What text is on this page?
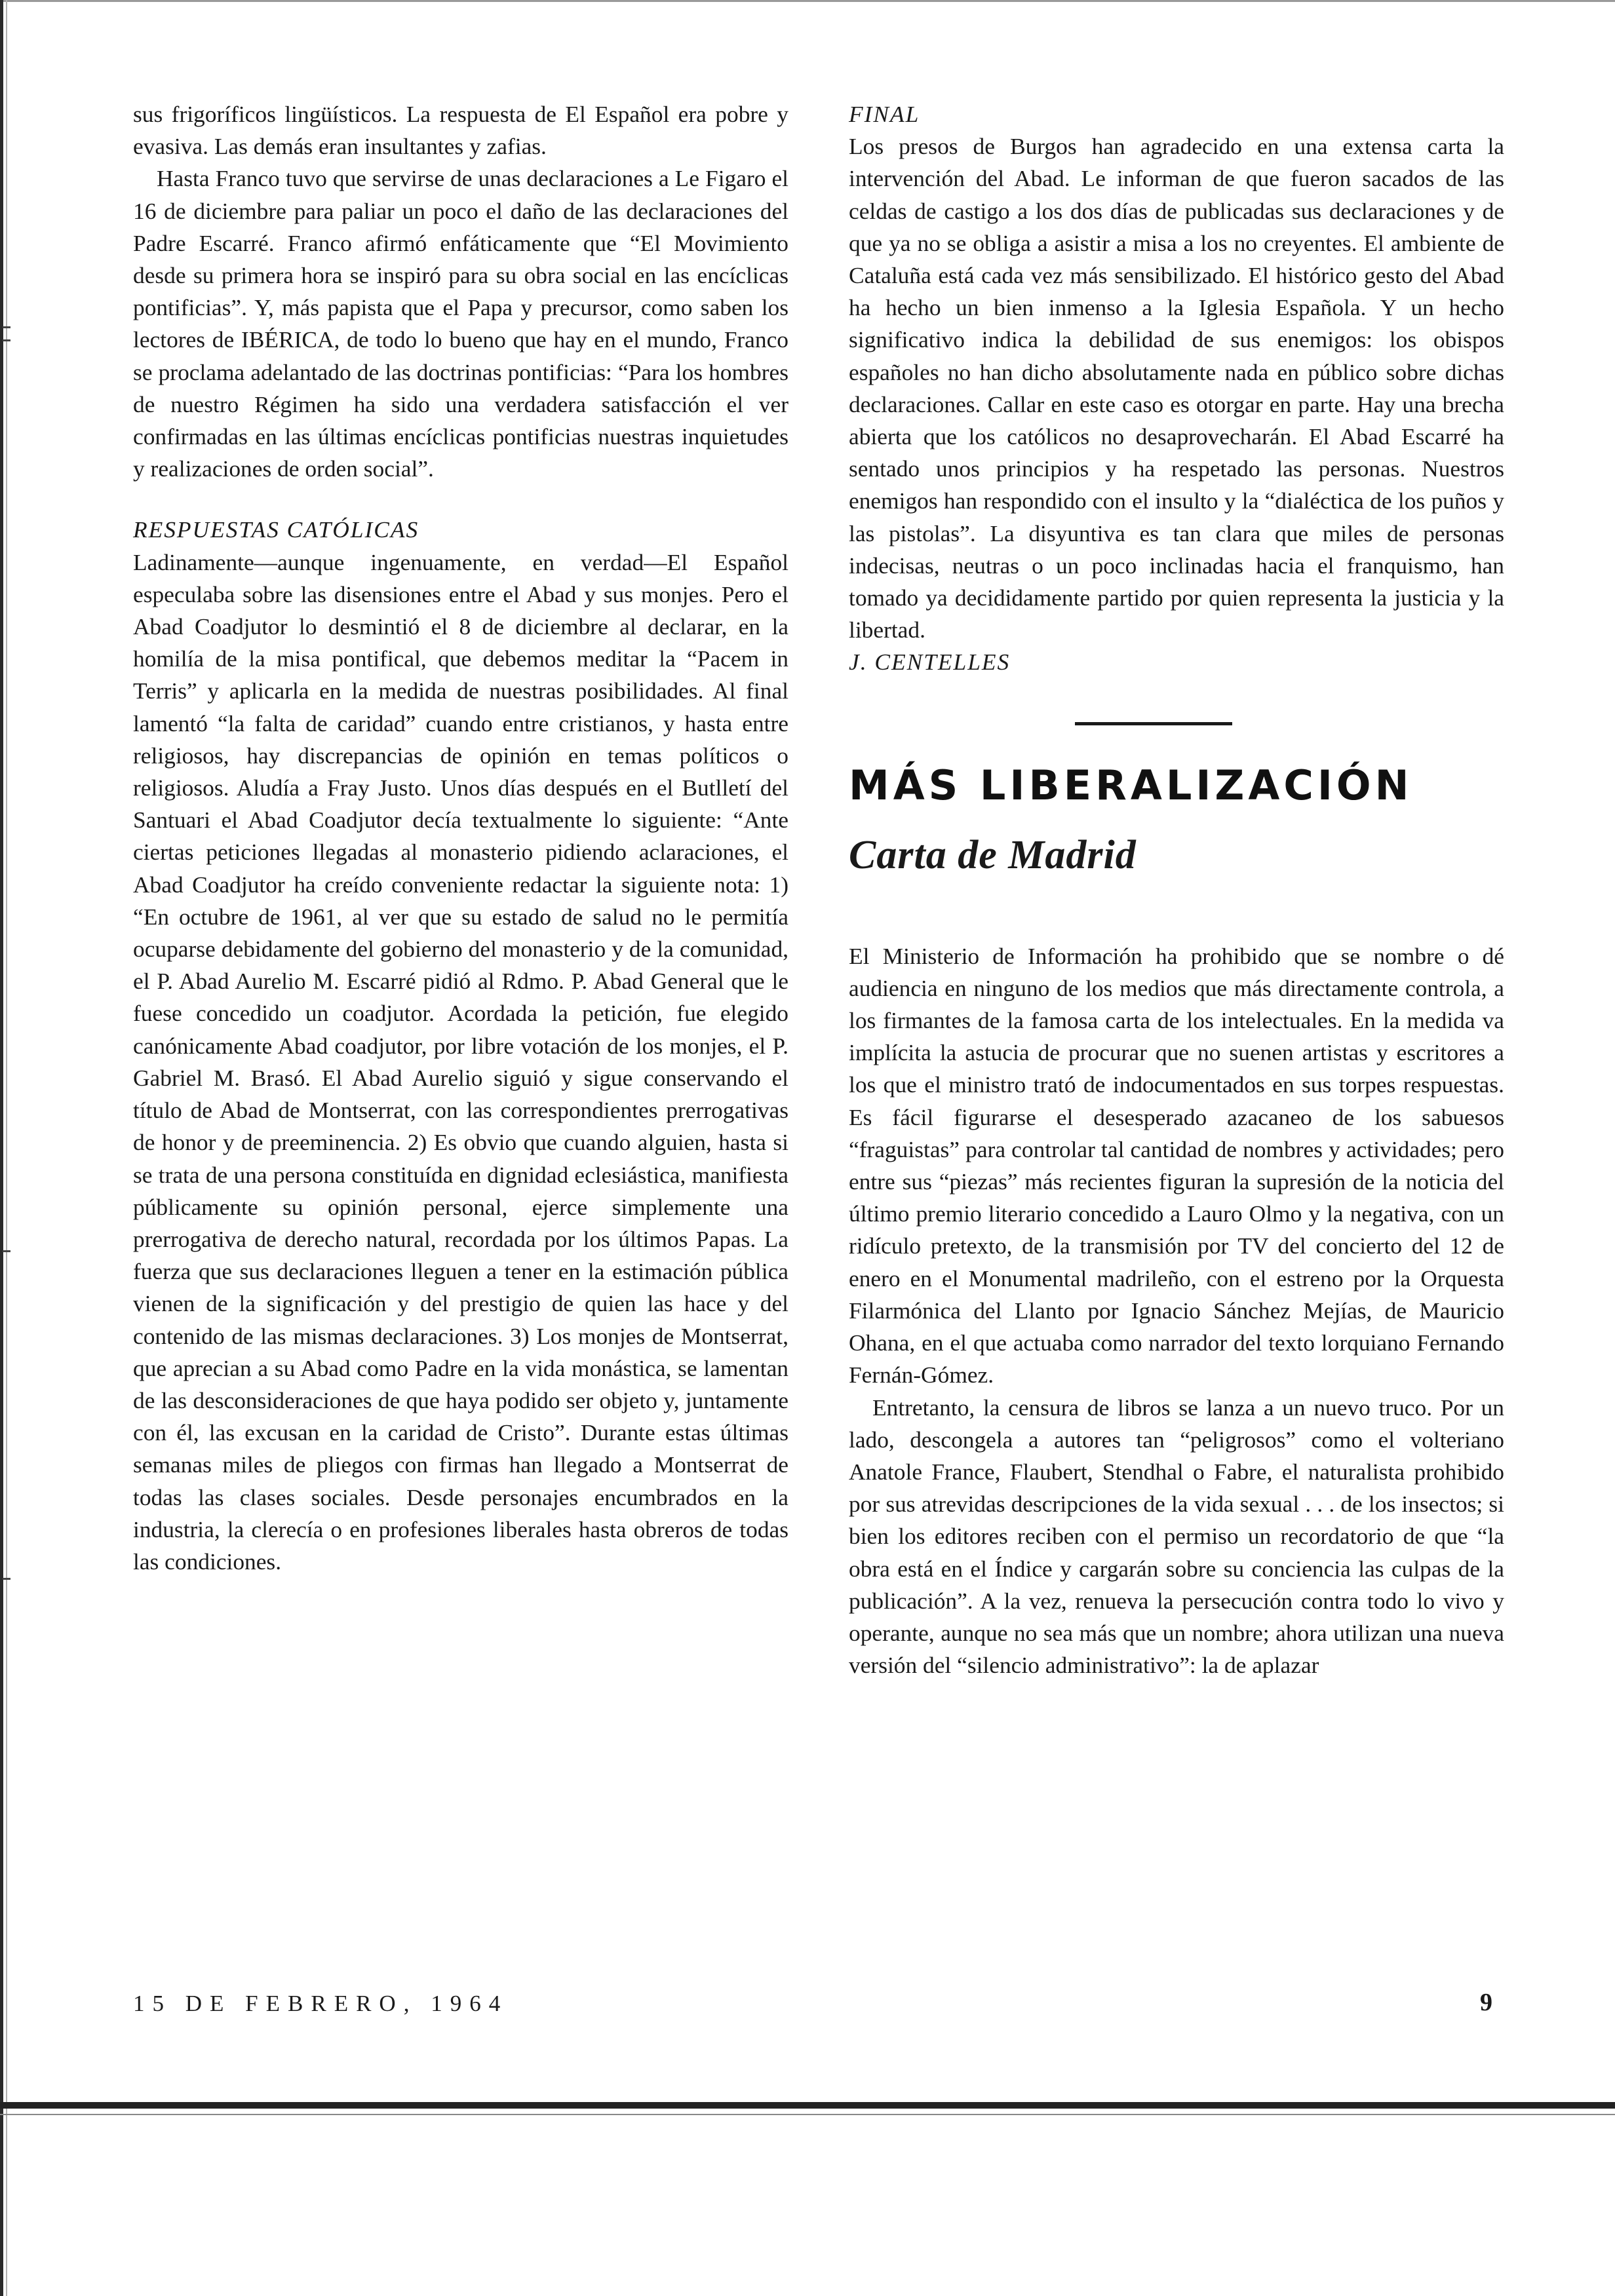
sus frigoríficos lingüísticos. La respuesta de El Español era pobre y evasiva. Las demás eran insultantes y zafias.

Hasta Franco tuvo que servirse de unas declaraciones a Le Figaro el 16 de diciembre para paliar un poco el daño de las declaraciones del Padre Escarré. Franco afirmó enfáticamente que “El Movimiento desde su primera hora se inspiró para su obra social en las encíclicas pontificias”. Y, más papista que el Papa y precursor, como saben los lectores de IBÉRICA, de todo lo bueno que hay en el mundo, Franco se proclama adelantado de las doctrinas pontificias: “Para los hombres de nuestro Régimen ha sido una verdadera satisfacción el ver confirmadas en las últimas encíclicas pontificias nuestras inquietudes y realizaciones de orden social”.

RESPUESTAS CATÓLICAS

Ladinamente—aunque ingenuamente, en verdad—El Español especulaba sobre las disensiones entre el Abad y sus monjes. Pero el Abad Coadjutor lo desmintió el 8 de diciembre al declarar, en la homilía de la misa pontifical, que debemos meditar la “Pacem in Terris” y aplicarla en la medida de nuestras posibilidades. Al final lamentó “la falta de caridad” cuando entre cristianos, y hasta entre religiosos, hay discrepancias de opinión en temas políticos o religiosos. Aludía a Fray Justo. Unos días después en el Butlletí del Santuari el Abad Coadjutor decía textualmente lo siguiente: “Ante ciertas peticiones llegadas al monasterio pidiendo aclaraciones, el Abad Coadjutor ha creído conveniente redactar la siguiente nota: 1) “En octubre de 1961, al ver que su estado de salud no le permitía ocuparse debidamente del gobierno del monasterio y de la comunidad, el P. Abad Aurelio M. Escarré pidió al Rdmo. P. Abad General que le fuese concedido un coadjutor. Acordada la petición, fue elegido canónicamente Abad coadjutor, por libre votación de los monjes, el P. Gabriel M. Brasó. El Abad Aurelio siguió y sigue conservando el título de Abad de Montserrat, con las correspondientes prerrogativas de honor y de preeminencia. 2) Es obvio que cuando alguien, hasta si se trata de una persona constituída en dignidad eclesiástica, manifiesta públicamente su opinión personal, ejerce simplemente una prerrogativa de derecho natural, recordada por los últimos Papas. La fuerza que sus declaraciones lleguen a tener en la estimación pública vienen de la significación y del prestigio de quien las hace y del contenido de las mismas declaraciones. 3) Los monjes de Montserrat, que aprecian a su Abad como Padre en la vida monástica, se lamentan de las desconsideraciones de que haya podido ser objeto y, juntamente con él, las excusan en la caridad de Cristo”. Durante estas últimas semanas miles de pliegos con firmas han llegado a Montserrat de todas las clases sociales. Desde personajes encumbrados en la industria, la clerecía o en profesiones liberales hasta obreros de todas las condiciones.

FINAL

Los presos de Burgos han agradecido en una extensa carta la intervención del Abad. Le informan de que fueron sacados de las celdas de castigo a los dos días de publicadas sus declaraciones y de que ya no se obliga a asistir a misa a los no creyentes. El ambiente de Cataluña está cada vez más sensibilizado. El histórico gesto del Abad ha hecho un bien inmenso a la Iglesia Española. Y un hecho significativo indica la debilidad de sus enemigos: los obispos españoles no han dicho absolutamente nada en público sobre dichas declaraciones. Callar en este caso es otorgar en parte. Hay una brecha abierta que los católicos no desaprovecharán. El Abad Escarré ha sentado unos principios y ha respetado las personas. Nuestros enemigos han respondido con el insulto y la “dialéctica de los puños y las pistolas”. La disyuntiva es tan clara que miles de personas indecisas, neutras o un poco inclinadas hacia el franquismo, han tomado ya decididamente partido por quien representa la justicia y la libertad.

J. CENTELLES

MÁS LIBERALIZACIÓN
Carta de Madrid

El Ministerio de Información ha prohibido que se nombre o dé audiencia en ninguno de los medios que más directamente controla, a los firmantes de la famosa carta de los intelectuales. En la medida va implícita la astucia de procurar que no suenen artistas y escritores a los que el ministro trató de indocumentados en sus torpes respuestas. Es fácil figurarse el desesperado azacaneo de los sabuesos “fraguistas” para controlar tal cantidad de nombres y actividades; pero entre sus “piezas” más recientes figuran la supresión de la noticia del último premio literario concedido a Lauro Olmo y la negativa, con un ridículo pretexto, de la transmisión por TV del concierto del 12 de enero en el Monumental madrileño, con el estreno por la Orquesta Filarmónica del Llanto por Ignacio Sánchez Mejías, de Mauricio Ohana, en el que actuaba como narrador del texto lorquiano Fernando Fernán-Gómez.

Entretanto, la censura de libros se lanza a un nuevo truco. Por un lado, descongela a autores tan “peligrosos” como el volteriano Anatole France, Flaubert, Stendhal o Fabre, el naturalista prohibido por sus atrevidas descripciones de la vida sexual . . . de los insectos; si bien los editores reciben con el permiso un recordatorio de que “la obra está en el Índice y cargarán sobre su conciencia las culpas de la publicación”. A la vez, renueva la persecución contra todo lo vivo y operante, aunque no sea más que un nombre; ahora utilizan una nueva versión del “silencio administrativo”: la de aplazar

15 DE FEBRERO, 1964	9
